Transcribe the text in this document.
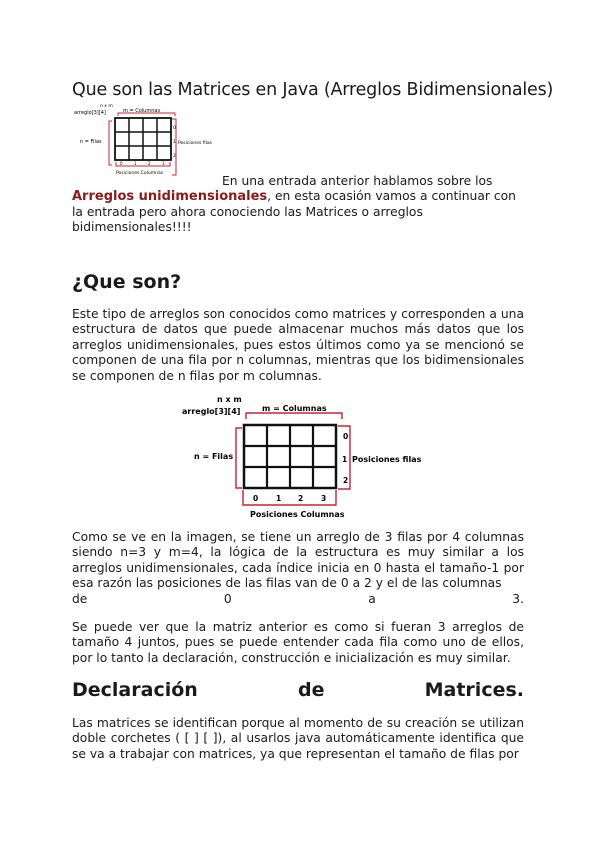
Que son las Matrices en Java (Arreglos Bidimensionales)
n x m
arreglo[3][4]	m = Columnas
n = Filas
0
1
2
Posiciones filas
0	1	2	3
Posiciones Columnas
En una entrada anterior hablamos sobre los Arreglos unidimensionales, en esta ocasión vamos a continuar con la entrada pero ahora conociendo las Matrices o arreglos bidimensionales!!!!
¿Que son?

Este tipo de arreglos son conocidos como matrices y corresponden a una estructura de datos que puede almacenar muchos más datos que los arreglos unidimensionales, pues estos últimos como ya se mencionó se componen de una fila por n columnas, mientras que los bidimensionales se componen de n filas por m columnas.

n x m
arreglo[3][4]	m = Columnas
n = Filas
0
1
2
Posiciones filas
0 1 2 3
Posiciones Columnas

Como se ve en la imagen, se tiene un arreglo de 3 filas por 4 columnas siendo n=3 y m=4, la lógica de la estructura es muy similar a los arreglos unidimensionales, cada índice inicia en 0 hasta el tamaño-1 por esa razón las posiciones de las filas van de 0 a 2 y el de las columnas

de 0 a 3.

Se puede ver que la matriz anterior es como si fueran 3 arreglos de tamaño 4 juntos, pues se puede entender cada fila como uno de ellos, por lo tanto la declaración, construcción e inicialización es muy similar.

Declaración	de	Matrices.

Las matrices se identifican porque al momento de su creación se utilizan doble corchetes ( [ ] [ ]), al usarlos java automáticamente identifica que se va a trabajar con matrices, ya que representan el tamaño de filas por
